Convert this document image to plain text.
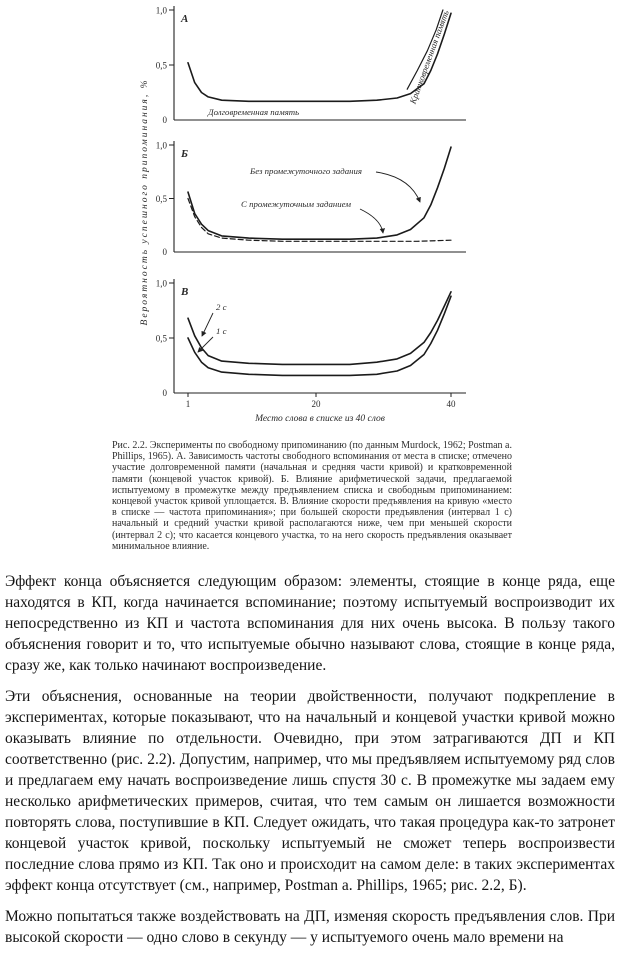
Вероятность успешного припоминания, %
1,0
0,5
0
А
Долговременная память
Кратковременная память
1,0
0,5
0
Б
Без промежуточного задания
С промежуточным заданием
1,0
0,5
0
В
2 с
1 с
1	20	40
Место слова в списке из 40 слов

Рис. 2.2. Эксперименты по свободному припоминанию (по данным Murdock, 1962; Postman a. Phillips, 1965). А. Зависимость частоты свободного вспоминания от места в списке; отмечено участие долговременной памяти (начальная и средняя части кривой) и кратковременной памяти (концевой участок кривой). Б. Влияние арифметической задачи, предлагаемой испытуемому в промежутке между предъявлением списка и свободным припоминанием: концевой участок кривой уплощается. В. Влияние скорости предъявления на кривую «место в списке — частота припоминания»; при большей скорости предъявления (интервал 1 с) начальный и средний участки кривой располагаются ниже, чем при меньшей скорости (интервал 2 с); что касается концевого участка, то на него скорость предъявления оказывает минимальное влияние.

Эффект конца объясняется следующим образом: элементы, стоящие в конце ряда, еще находятся в КП, когда начинается вспоминание; поэтому испытуемый воспроизводит их непосредственно из КП и частота вспоминания для них очень высока. В пользу такого объяснения говорит и то, что испытуемые обычно называют слова, стоящие в конце ряда, сразу же, как только начинают воспроизведение.

Эти объяснения, основанные на теории двойственности, получают подкрепление в экспериментах, которые показывают, что на начальный и концевой участки кривой можно оказывать влияние по отдельности. Очевидно, при этом затрагиваются ДП и КП соответственно (рис. 2.2). Допустим, например, что мы предъявляем испытуемому ряд слов и предлагаем ему начать воспроизведение лишь спустя 30 с. В промежутке мы задаем ему несколько арифметических примеров, считая, что тем самым он лишается возможности повторять слова, поступившие в КП. Следует ожидать, что такая процедура как-то затронет концевой участок кривой, поскольку испытуемый не сможет теперь воспроизвести последние слова прямо из КП. Так оно и происходит на самом деле: в таких экспериментах эффект конца отсутствует (см., например, Postman a. Phillips, 1965; рис. 2.2, Б).

Можно попытаться также воздействовать на ДП, изменяя скорость предъявления слов. При высокой скорости — одно слово в секунду — у испытуемого очень мало времени на
